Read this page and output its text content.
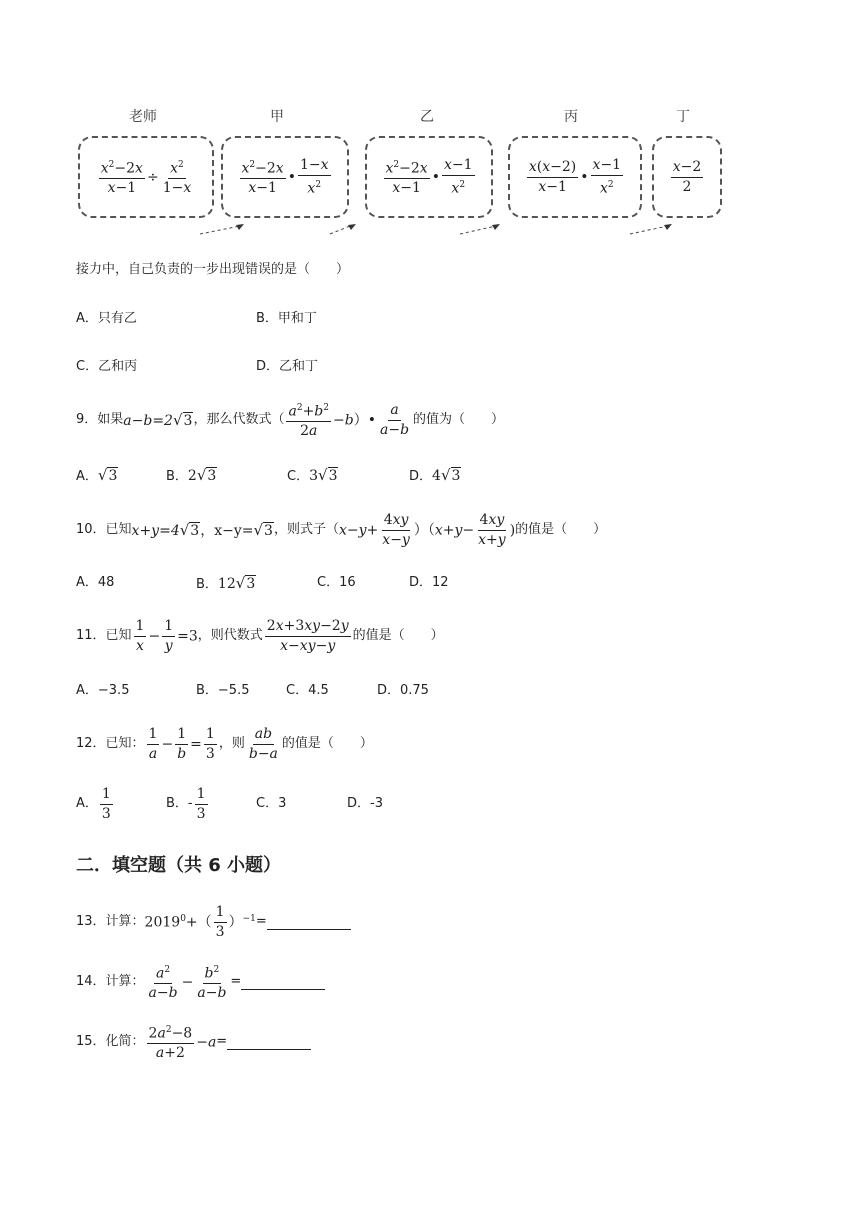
老师	甲	乙	丙	丁
$\frac{x^2-2x}{x-1} \div \frac{x^2}{1-x}$	$\frac{x^2-2x}{x-1}$ • $\frac{1-x}{x^2}$	$\frac{x^2-2x}{x-1}$ • $\frac{x-1}{x^2}$	$\frac{x(x-2)}{x-1}$ • $\frac{x-1}{x^2}$	$\frac{x-2}{2}$
接力中，自己负责的一步出现错误的是（　　）
A．只有乙	B．甲和丁
C．乙和丙	D．乙和丁
9．如果 a−b=2√3 ，那么代数式（ $\frac{a^2+b^2}{2a}$ −b）• $\frac{a}{a-b}$ 的值为（　　）
A．√3	B．2√3	C．3√3	D．4√3
10．已知 x+y=4√3，x−y=√3 ，则式子（ $x-y+ \frac{4xy}{x-y} )(x+y- \frac{4xy}{x+y}$ ) 的值是（　　）
A．48	B．12√3	C．16	D．12
11．已知 $\frac{1}{x} - \frac{1}{y} =3$ ，则代数式 $\frac{2x+3xy-2y}{x-xy-y}$ 的值是（　　）
A．−3.5	B．−5.5	C．4.5	D．0.75
12．已知： $\frac{1}{a} - \frac{1}{b} = \frac{1}{3}$ ，则 $\frac{ab}{b-a}$ 的值是（　　）
A． $\frac{1}{3}$	B．- $\frac{1}{3}$	C．3	D．-3
二．填空题（共 6 小题）
13．计算： $2019^0+( \frac{1}{3} )^{-1}$ =
14．计算： $\frac{a^2}{a-b} - \frac{b^2}{a-b}$ =
15．化简： $\frac{2a^2-8}{a+2} -a$ =
